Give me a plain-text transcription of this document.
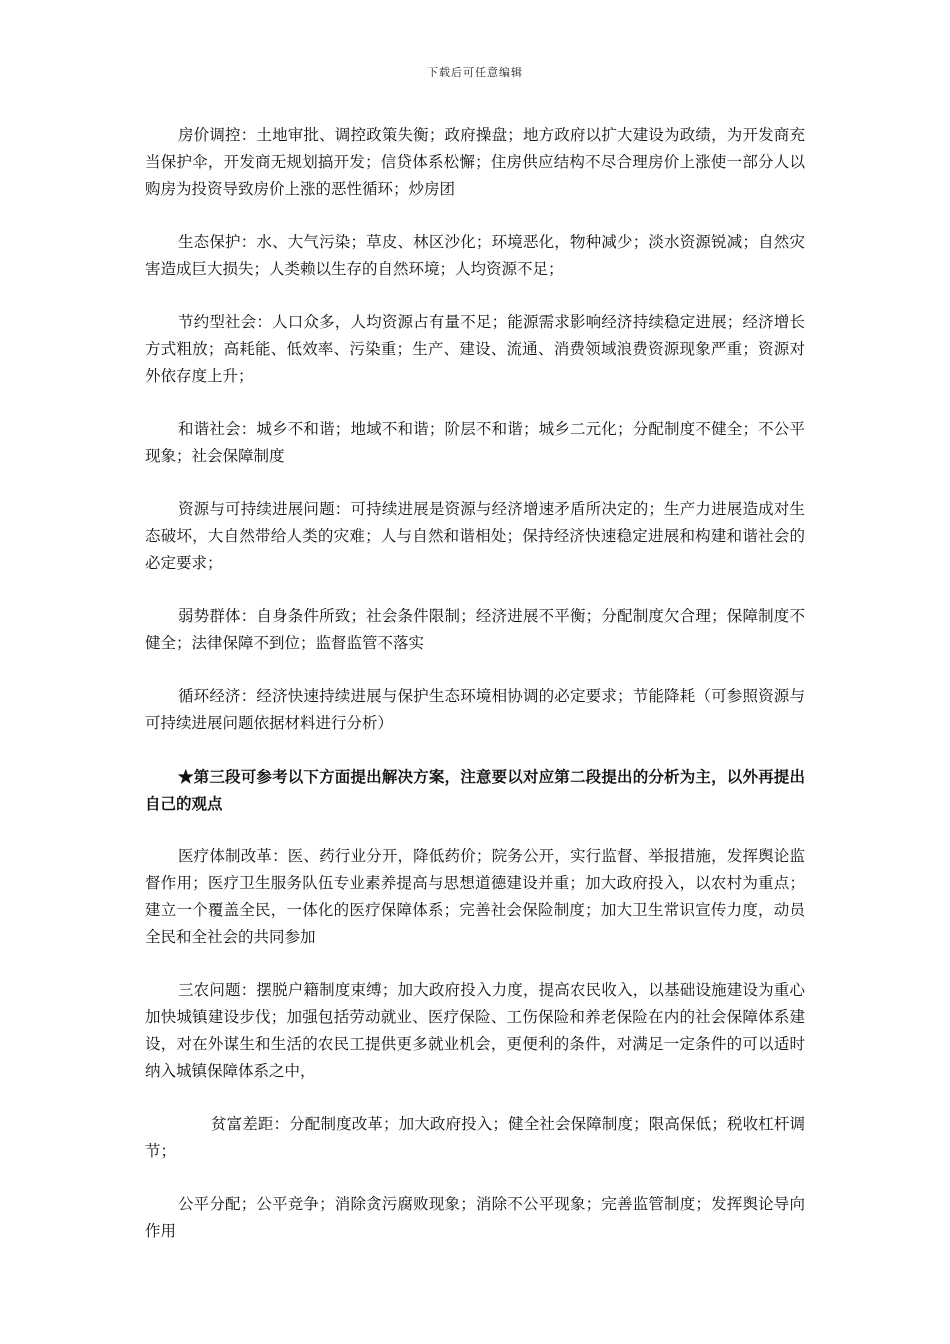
下载后可任意编辑

房价调控：土地审批、调控政策失衡；政府操盘；地方政府以扩大建设为政绩，为开发商充当保护伞，开发商无规划搞开发；信贷体系松懈；住房供应结构不尽合理房价上涨使一部分人以购房为投资导致房价上涨的恶性循环；炒房团

生态保护：水、大气污染；草皮、林区沙化；环境恶化，物种减少；淡水资源锐减；自然灾害造成巨大损失；人类赖以生存的自然环境；人均资源不足；

节约型社会：人口众多，人均资源占有量不足；能源需求影响经济持续稳定进展；经济增长方式粗放；高耗能、低效率、污染重；生产、建设、流通、消费领域浪费资源现象严重；资源对外依存度上升；

和谐社会：城乡不和谐；地域不和谐；阶层不和谐；城乡二元化；分配制度不健全；不公平现象；社会保障制度

资源与可持续进展问题：可持续进展是资源与经济增速矛盾所决定的；生产力进展造成对生态破坏，大自然带给人类的灾难；人与自然和谐相处；保持经济快速稳定进展和构建和谐社会的必定要求；

弱势群体：自身条件所致；社会条件限制；经济进展不平衡；分配制度欠合理；保障制度不健全；法律保障不到位；监督监管不落实

循环经济：经济快速持续进展与保护生态环境相协调的必定要求；节能降耗（可参照资源与可持续进展问题依据材料进行分析）

★第三段可参考以下方面提出解决方案，注意要以对应第二段提出的分析为主，以外再提出自己的观点

医疗体制改革：医、药行业分开，降低药价；院务公开，实行监督、举报措施，发挥舆论监督作用；医疗卫生服务队伍专业素养提高与思想道德建设并重；加大政府投入，以农村为重点；建立一个覆盖全民，一体化的医疗保障体系；完善社会保险制度；加大卫生常识宣传力度，动员全民和全社会的共同参加

三农问题：摆脱户籍制度束缚；加大政府投入力度，提高农民收入，以基础设施建设为重心加快城镇建设步伐；加强包括劳动就业、医疗保险、工伤保险和养老保险在内的社会保障体系建设，对在外谋生和生活的农民工提供更多就业机会，更便利的条件，对满足一定条件的可以适时纳入城镇保障体系之中，

贫富差距：分配制度改革；加大政府投入；健全社会保障制度；限高保低；税收杠杆调节；

公平分配；公平竞争；消除贪污腐败现象；消除不公平现象；完善监管制度；发挥舆论导向作用
